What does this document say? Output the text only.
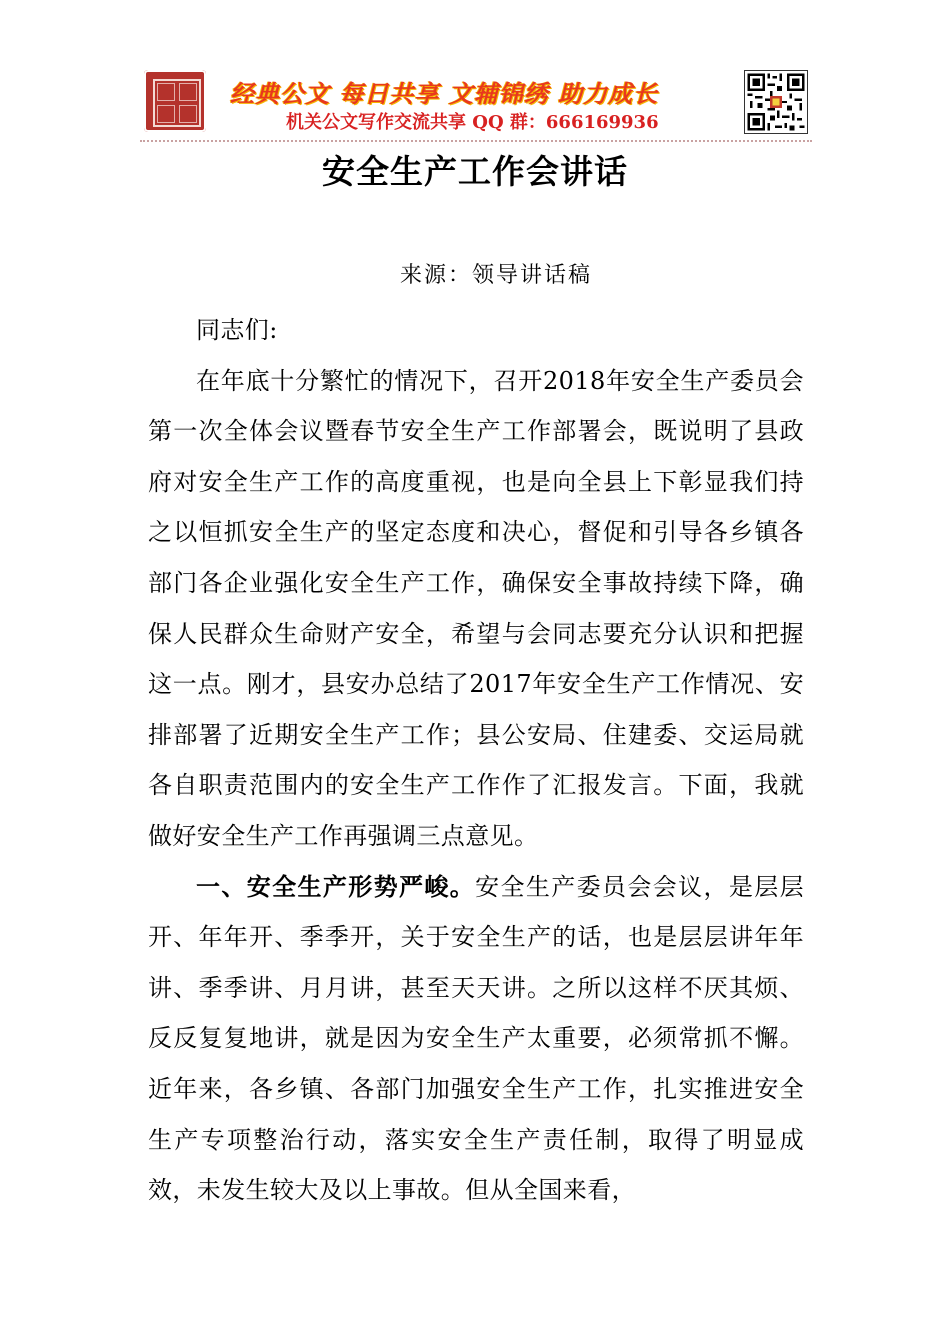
经典公文 每日共享 文辅锦绣 助力成长
机关公文写作交流共享 QQ 群：666169936
安全生产工作会讲话
来源：领导讲话稿

同志们:

在年底十分繁忙的情况下，召开2018年安全生产委员会第一次全体会议暨春节安全生产工作部署会，既说明了县政府对安全生产工作的高度重视，也是向全县上下彰显我们持之以恒抓安全生产的坚定态度和决心，督促和引导各乡镇各部门各企业强化安全生产工作，确保安全事故持续下降，确保人民群众生命财产安全，希望与会同志要充分认识和把握这一点。刚才，县安办总结了2017年安全生产工作情况、安排部署了近期安全生产工作；县公安局、住建委、交运局就各自职责范围内的安全生产工作作了汇报发言。下面，我就做好安全生产工作再强调三点意见。

一、安全生产形势严峻。安全生产委员会会议，是层层开、年年开、季季开，关于安全生产的话，也是层层讲年年讲、季季讲、月月讲，甚至天天讲。之所以这样不厌其烦、反反复复地讲，就是因为安全生产太重要，必须常抓不懈。近年来，各乡镇、各部门加强安全生产工作，扎实推进安全生产专项整治行动，落实安全生产责任制，取得了明显成效，未发生较大及以上事故。但从全国来看，
